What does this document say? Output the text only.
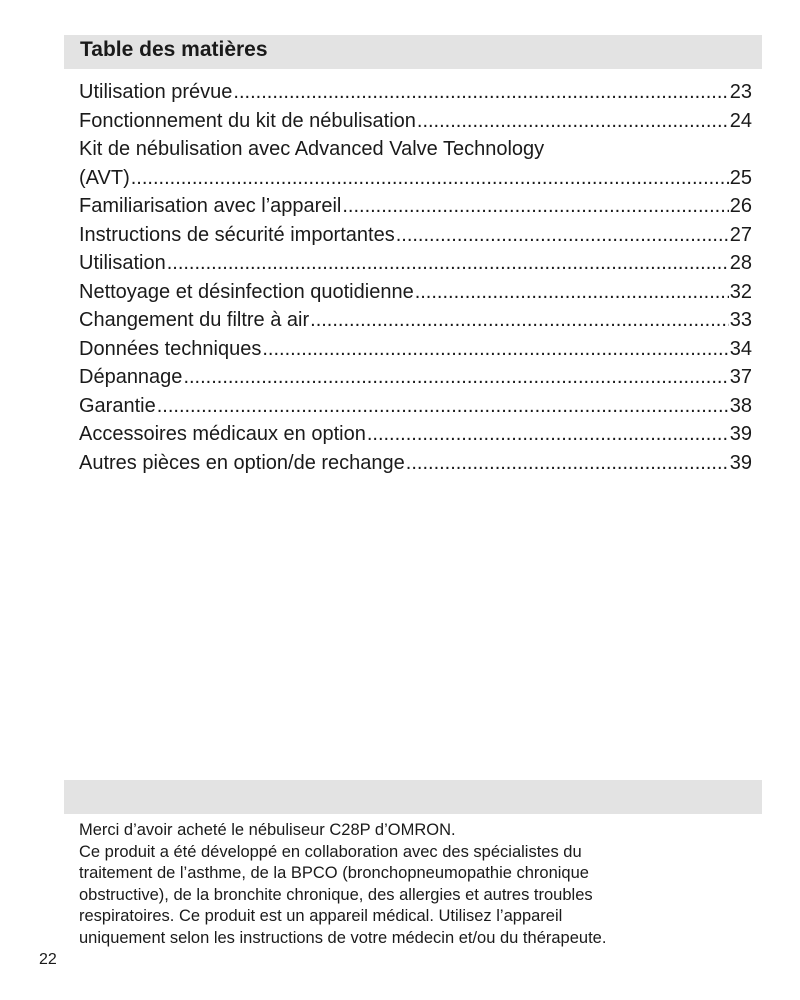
Table des matières
Utilisation prévue .....	23
Fonctionnement du kit de nébulisation .....	24
Kit de nébulisation avec Advanced Valve Technology
(AVT) .....	25
Familiarisation avec l’appareil .....	26
Instructions de sécurité importantes .....	27
Utilisation .....	28
Nettoyage et désinfection quotidienne .....	32
Changement du filtre à air .....	33
Données techniques .....	34
Dépannage .....	37
Garantie .....	38
Accessoires médicaux en option .....	39
Autres pièces en option/de rechange .....	39
Merci d’avoir acheté le nébuliseur C28P d’OMRON.
Ce produit a été développé en collaboration avec des spécialistes du
traitement de l’asthme, de la BPCO (bronchopneumopathie chronique
obstructive), de la bronchite chronique, des allergies et autres troubles
respiratoires. Ce produit est un appareil médical. Utilisez l’appareil
uniquement selon les instructions de votre médecin et/ou du thérapeute.
22
